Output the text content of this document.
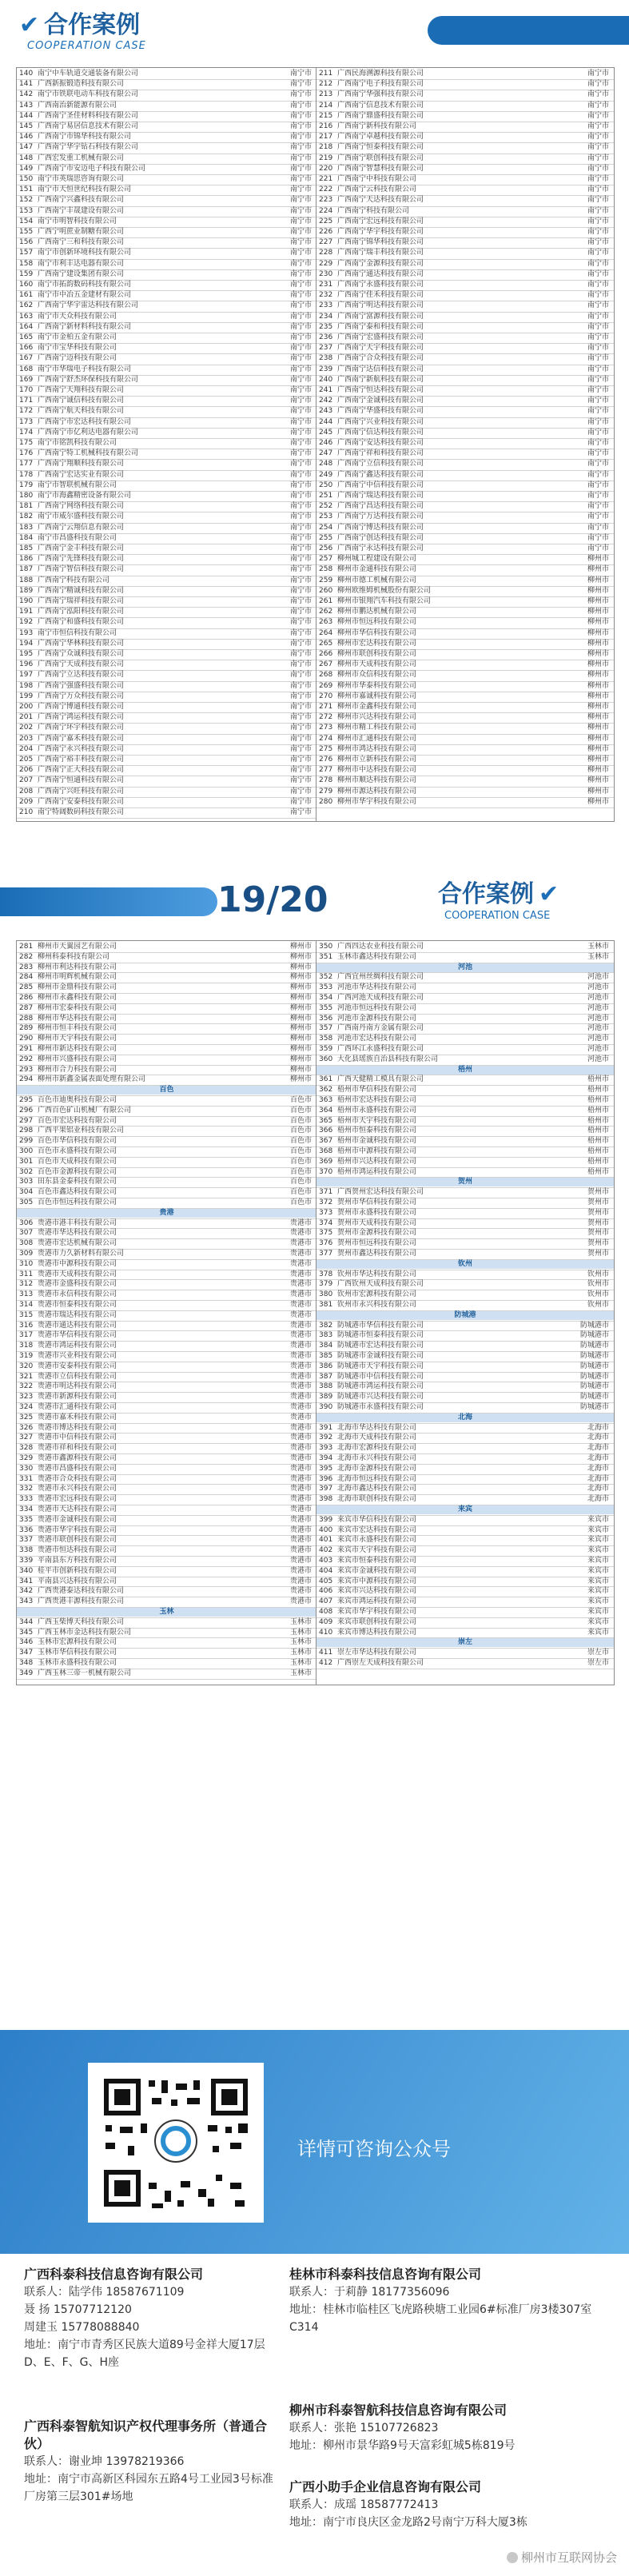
✔ 合作案例
COOPERATION CASE
140 南宁中车轨道交通装备有限公司	南宁市
141 广西新振锻造科技有限公司	南宁市
142 南宁市铁联电动车科技有限公司	南宁市
143 广西南治新能源有限公司	南宁市
144 广西南宁圣佳材料科技有限公司	南宁市
145 广西南宁易居信息技术有限公司	南宁市
146 广西南宁市锦华科技有限公司	南宁市
147 广西南宁华宇钻石科技有限公司	南宁市
148 广西宏发重工机械有限公司	南宁市
149 广西南宁市安迈电子科技有限公司	南宁市
150 南宁市英瑞思咨询有限公司	南宁市
151 南宁市天恒世纪科技有限公司	南宁市
152 广西南宁兴鑫科技有限公司	南宁市
153 广西南宁丰晟建设有限公司	南宁市
154 南宁市明智科技有限公司	南宁市
155 广西宁明蔗业制糖有限公司	南宁市
156 广西南宁三和科技有限公司	南宁市
157 南宁市创新环境科技有限公司	南宁市
158 南宁市利丰达电器有限公司	南宁市
159 广西南宁建设集团有限公司	南宁市
160 南宁市拓韵数码科技有限公司	南宁市
161 南宁市中冶五金建材有限公司	南宁市
162 广西南宁华宇雷达科技有限公司	南宁市
163 南宁市天众科技有限公司	南宁市
164 广西南宁新材料科技有限公司	南宁市
165 南宁市金柏五金有限公司	南宁市
166 南宁市宝华科技有限公司	南宁市
167 广西南宁迈科技有限公司	南宁市
168 南宁市华瑞电子科技有限公司	南宁市
169 广西南宁舒杰环保科技有限公司	南宁市
170 广西南宁天翔科技有限公司	南宁市
171 广西南宁诚信科技有限公司	南宁市
172 广西南宁航天科技有限公司	南宁市
173 广西南宁市宏达科技有限公司	南宁市
174 广西南宁市亿利达电器有限公司	南宁市
175 南宁市铭凯科技有限公司	南宁市
176 广西南宁特工机械科技有限公司	南宁市
177 广西南宁翔顺科技有限公司	南宁市
178 广西南宁宏达实业有限公司	南宁市
179 南宁市智联机械有限公司	南宁市
180 南宁市海鑫精密设备有限公司	南宁市
181 广西南宁网络科技有限公司	南宁市
182 南宁市威尔盛科技有限公司	南宁市
183 广西南宁云翔信息有限公司	南宁市
184 南宁市昌盛科技有限公司	南宁市
185 广西南宁金丰科技有限公司	南宁市
186 广西南宁先锋科技有限公司	南宁市
187 广西南宁智信科技有限公司	南宁市
188 广西南宁科技有限公司	南宁市
189 广西南宁精诚科技有限公司	南宁市
190 广西南宁瑞祥科技有限公司	南宁市
191 广西南宁泓阳科技有限公司	南宁市
192 广西南宁和盛科技有限公司	南宁市
193 南宁市恒信科技有限公司	南宁市
194 广西南宁华林科技有限公司	南宁市
195 广西南宁众诚科技有限公司	南宁市
196 广西南宁天成科技有限公司	南宁市
197 广西南宁立达科技有限公司	南宁市
198 广西南宁强盛科技有限公司	南宁市
199 广西南宁万众科技有限公司	南宁市
200 广西南宁博通科技有限公司	南宁市
201 广西南宁鸿运科技有限公司	南宁市
202 广西南宁环宇科技有限公司	南宁市
203 广西南宁嘉禾科技有限公司	南宁市
204 广西南宁永兴科技有限公司	南宁市
205 广西南宁裕丰科技有限公司	南宁市
206 广西南宁正大科技有限公司	南宁市
207 广西南宁恒通科技有限公司	南宁市
208 广西南宁兴旺科技有限公司	南宁市
209 广西南宁安泰科技有限公司	南宁市
210 南宁特阔数码科技有限公司	南宁市
211 广西民海溯源科技有限公司	南宁市
212 广西南宁电子科技有限公司	南宁市
213 广西南宁华强科技有限公司	南宁市
214 广西南宁信息技术有限公司	南宁市
215 广西南宁鼎盛科技有限公司	南宁市
216 广西南宁新科技有限公司	南宁市
217 广西南宁卓越科技有限公司	南宁市
218 广西南宁恒泰科技有限公司	南宁市
219 广西南宁联创科技有限公司	南宁市
220 广西南宁智慧科技有限公司	南宁市
221 广西南宁中科技有限公司	南宁市
222 广西南宁云科技有限公司	南宁市
223 广西南宁天达科技有限公司	南宁市
224 广西南宁科技有限公司	南宁市
225 广西南宁宏远科技有限公司	南宁市
226 广西南宁华宇科技有限公司	南宁市
227 广西南宁锦华科技有限公司	南宁市
228 广西南宁瑞丰科技有限公司	南宁市
229 广西南宁金源科技有限公司	南宁市
230 广西南宁通达科技有限公司	南宁市
231 广西南宁永盛科技有限公司	南宁市
232 广西南宁佳禾科技有限公司	南宁市
233 广西南宁明达科技有限公司	南宁市
234 广西南宁富源科技有限公司	南宁市
235 广西南宁泰和科技有限公司	南宁市
236 广西南宁宏盛科技有限公司	南宁市
237 广西南宁天宇科技有限公司	南宁市
238 广西南宁合众科技有限公司	南宁市
239 广西南宁达信科技有限公司	南宁市
240 广西南宁新航科技有限公司	南宁市
241 广西南宁恒达科技有限公司	南宁市
242 广西南宁金诚科技有限公司	南宁市
243 广西南宁华盛科技有限公司	南宁市
244 广西南宁兴业科技有限公司	南宁市
245 广西南宁信达科技有限公司	南宁市
246 广西南宁安达科技有限公司	南宁市
247 广西南宁祥和科技有限公司	南宁市
248 广西南宁立信科技有限公司	南宁市
249 广西南宁鑫达科技有限公司	南宁市
250 广西南宁中信科技有限公司	南宁市
251 广西南宁瑞达科技有限公司	南宁市
252 广西南宁昌达科技有限公司	南宁市
253 广西南宁万达科技有限公司	南宁市
254 广西南宁博达科技有限公司	南宁市
255 广西南宁创达科技有限公司	南宁市
256 广西南宁永达科技有限公司	南宁市
257 柳州城工程建设有限公司	柳州市
258 柳州市金通科技有限公司	柳州市
259 柳州市德工机械有限公司	柳州市
260 柳州欧维姆机械股份有限公司	柳州市
261 柳州市银翔汽车科技有限公司	柳州市
262 柳州市鹏达机械有限公司	柳州市
263 柳州市恒远科技有限公司	柳州市
264 柳州市华信科技有限公司	柳州市
265 柳州市宏达科技有限公司	柳州市
266 柳州市联创科技有限公司	柳州市
267 柳州市天成科技有限公司	柳州市
268 柳州市众信科技有限公司	柳州市
269 柳州市华泰科技有限公司	柳州市
270 柳州市嘉诚科技有限公司	柳州市
271 柳州市金鑫科技有限公司	柳州市
272 柳州市兴达科技有限公司	柳州市
273 柳州市精工科技有限公司	柳州市
274 柳州市汇通科技有限公司	柳州市
275 柳州市鸿达科技有限公司	柳州市
276 柳州市立新科技有限公司	柳州市
277 柳州市中达科技有限公司	柳州市
278 柳州市顺达科技有限公司	柳州市
279 柳州市源达科技有限公司	柳州市
280 柳州市华宇科技有限公司	柳州市
19/20	合作案例 ✔
COOPERATION CASE
281 柳州市天翼园艺有限公司	柳州市
282 柳州科泰科技有限公司	柳州市
283 柳州市利达科技有限公司	柳州市
284 柳州市明辉机械有限公司	柳州市
285 柳州市金鼎科技有限公司	柳州市
286 柳州市永鑫科技有限公司	柳州市
287 柳州市宏泰科技有限公司	柳州市
288 柳州市华达科技有限公司	柳州市
289 柳州市恒丰科技有限公司	柳州市
290 柳州市天宇科技有限公司	柳州市
291 柳州市新达科技有限公司	柳州市
292 柳州市兴盛科技有限公司	柳州市
293 柳州市合力科技有限公司	柳州市
294 柳州市新鑫金属表面处理有限公司	柳州市
百色
295 百色市迪奥科技有限公司	百色市
296 广西百色矿山机械厂有限公司	百色市
297 百色市宏达科技有限公司	百色市
298 广西平果铝业科技有限公司	百色市
299 百色市华信科技有限公司	百色市
300 百色市永盛科技有限公司	百色市
301 百色市天成科技有限公司	百色市
302 百色市金源科技有限公司	百色市
303 田东县金泰科技有限公司	百色市
304 百色市鑫达科技有限公司	百色市
305 百色市恒远科技有限公司	百色市
贵港
306 贵港市港丰科技有限公司	贵港市
307 贵港市华达科技有限公司	贵港市
308 贵港市宏达机械有限公司	贵港市
309 贵港市力久新材料有限公司	贵港市
310 贵港市中源科技有限公司	贵港市
311 贵港市天成科技有限公司	贵港市
312 贵港市金盛科技有限公司	贵港市
313 贵港市永信科技有限公司	贵港市
314 贵港市恒泰科技有限公司	贵港市
315 贵港市瑞达科技有限公司	贵港市
316 贵港市通达科技有限公司	贵港市
317 贵港市华信科技有限公司	贵港市
318 贵港市鸿运科技有限公司	贵港市
319 贵港市兴业科技有限公司	贵港市
320 贵港市安泰科技有限公司	贵港市
321 贵港市立信科技有限公司	贵港市
322 贵港市明达科技有限公司	贵港市
323 贵港市新源科技有限公司	贵港市
324 贵港市汇通科技有限公司	贵港市
325 贵港市嘉禾科技有限公司	贵港市
326 贵港市博达科技有限公司	贵港市
327 贵港市中信科技有限公司	贵港市
328 贵港市祥和科技有限公司	贵港市
329 贵港市鑫源科技有限公司	贵港市
330 贵港市昌盛科技有限公司	贵港市
331 贵港市合众科技有限公司	贵港市
332 贵港市永兴科技有限公司	贵港市
333 贵港市宏远科技有限公司	贵港市
334 贵港市天达科技有限公司	贵港市
335 贵港市金诚科技有限公司	贵港市
336 贵港市华宇科技有限公司	贵港市
337 贵港市联创科技有限公司	贵港市
338 贵港市恒达科技有限公司	贵港市
339 平南县东方科技有限公司	贵港市
340 桂平市创新科技有限公司	贵港市
341 平南县兴达科技有限公司	贵港市
342 广西贵港泰达科技有限公司	贵港市
343 广西贵港丰源科技有限公司	贵港市
玉林
344 广西玉柴博天科技有限公司	玉林市
345 广西玉林市金达科技有限公司	玉林市
346 玉林市宏源科技有限公司	玉林市
347 玉林市华信科技有限公司	玉林市
348 玉林市永盛科技有限公司	玉林市
349 广西玉林三帝一机械有限公司	玉林市
350 广西四达农业科技有限公司	玉林市
351 玉林市鑫达科技有限公司	玉林市
河池
352 广西宜州丝绸科技有限公司	河池市
353 河池市华达科技有限公司	河池市
354 广西河池天成科技有限公司	河池市
355 河池市恒远科技有限公司	河池市
356 河池市金源科技有限公司	河池市
357 广西南丹南方金属有限公司	河池市
358 河池市宏达科技有限公司	河池市
359 广西环江永盛科技有限公司	河池市
360 大化县瑶族自治县科技有限公司	河池市
梧州
361 广西天健精工模具有限公司	梧州市
362 梧州市华信科技有限公司	梧州市
363 梧州市宏达科技有限公司	梧州市
364 梧州市永盛科技有限公司	梧州市
365 梧州市天宇科技有限公司	梧州市
366 梧州市恒泰科技有限公司	梧州市
367 梧州市金诚科技有限公司	梧州市
368 梧州市中源科技有限公司	梧州市
369 梧州市兴达科技有限公司	梧州市
370 梧州市鸿运科技有限公司	梧州市
贺州
371 广西贺州宏达科技有限公司	贺州市
372 贺州市华信科技有限公司	贺州市
373 贺州市永盛科技有限公司	贺州市
374 贺州市天成科技有限公司	贺州市
375 贺州市金源科技有限公司	贺州市
376 贺州市恒远科技有限公司	贺州市
377 贺州市鑫达科技有限公司	贺州市
钦州
378 钦州市华达科技有限公司	钦州市
379 广西钦州天成科技有限公司	钦州市
380 钦州市宏源科技有限公司	钦州市
381 钦州市永兴科技有限公司	钦州市
防城港
382 防城港市华信科技有限公司	防城港市
383 防城港市恒泰科技有限公司	防城港市
384 防城港市宏达科技有限公司	防城港市
385 防城港市金诚科技有限公司	防城港市
386 防城港市天宇科技有限公司	防城港市
387 防城港市中信科技有限公司	防城港市
388 防城港市鸿运科技有限公司	防城港市
389 防城港市兴达科技有限公司	防城港市
390 防城港市永盛科技有限公司	防城港市
北海
391 北海市华达科技有限公司	北海市
392 北海市天成科技有限公司	北海市
393 北海市宏源科技有限公司	北海市
394 北海市永兴科技有限公司	北海市
395 北海市金源科技有限公司	北海市
396 北海市恒远科技有限公司	北海市
397 北海市鑫达科技有限公司	北海市
398 北海市联创科技有限公司	北海市
来宾
399 来宾市华信科技有限公司	来宾市
400 来宾市宏达科技有限公司	来宾市
401 来宾市永盛科技有限公司	来宾市
402 来宾市天宇科技有限公司	来宾市
403 来宾市恒泰科技有限公司	来宾市
404 来宾市金诚科技有限公司	来宾市
405 来宾市中源科技有限公司	来宾市
406 来宾市兴达科技有限公司	来宾市
407 来宾市鸿运科技有限公司	来宾市
408 来宾市华宇科技有限公司	来宾市
409 来宾市联创科技有限公司	来宾市
410 来宾市博达科技有限公司	来宾市
崇左
411 崇左市华达科技有限公司	崇左市
412 广西崇左天成科技有限公司	崇左市
详情可咨询公众号
广西科泰科技信息咨询有限公司
联系人：陆学伟 18587671109
聂 扬 15707712120
周建玉 15778088840
地址：南宁市青秀区民族大道89号金祥大厦17层D、E、F、G、H座
桂林市科泰科技信息咨询有限公司
联系人：于莉静 18177356096
地址：桂林市临桂区飞虎路秧塘工业园6#标准厂房3楼307室
C314
广西科泰智航知识产权代理事务所（普通合伙）
联系人：谢业坤 13978219366
地址：南宁市高新区科园东五路4号工业园3号标准厂房第三层301#场地
柳州市科泰智航科技信息咨询有限公司
联系人：张艳 15107726823
地址：柳州市景华路9号天富彩虹城5栋819号
广西小助手企业信息咨询有限公司
联系人：成瑶 18587772413
地址：南宁市良庆区金龙路2号南宁万科大厦3栋
柳州市互联网协会
